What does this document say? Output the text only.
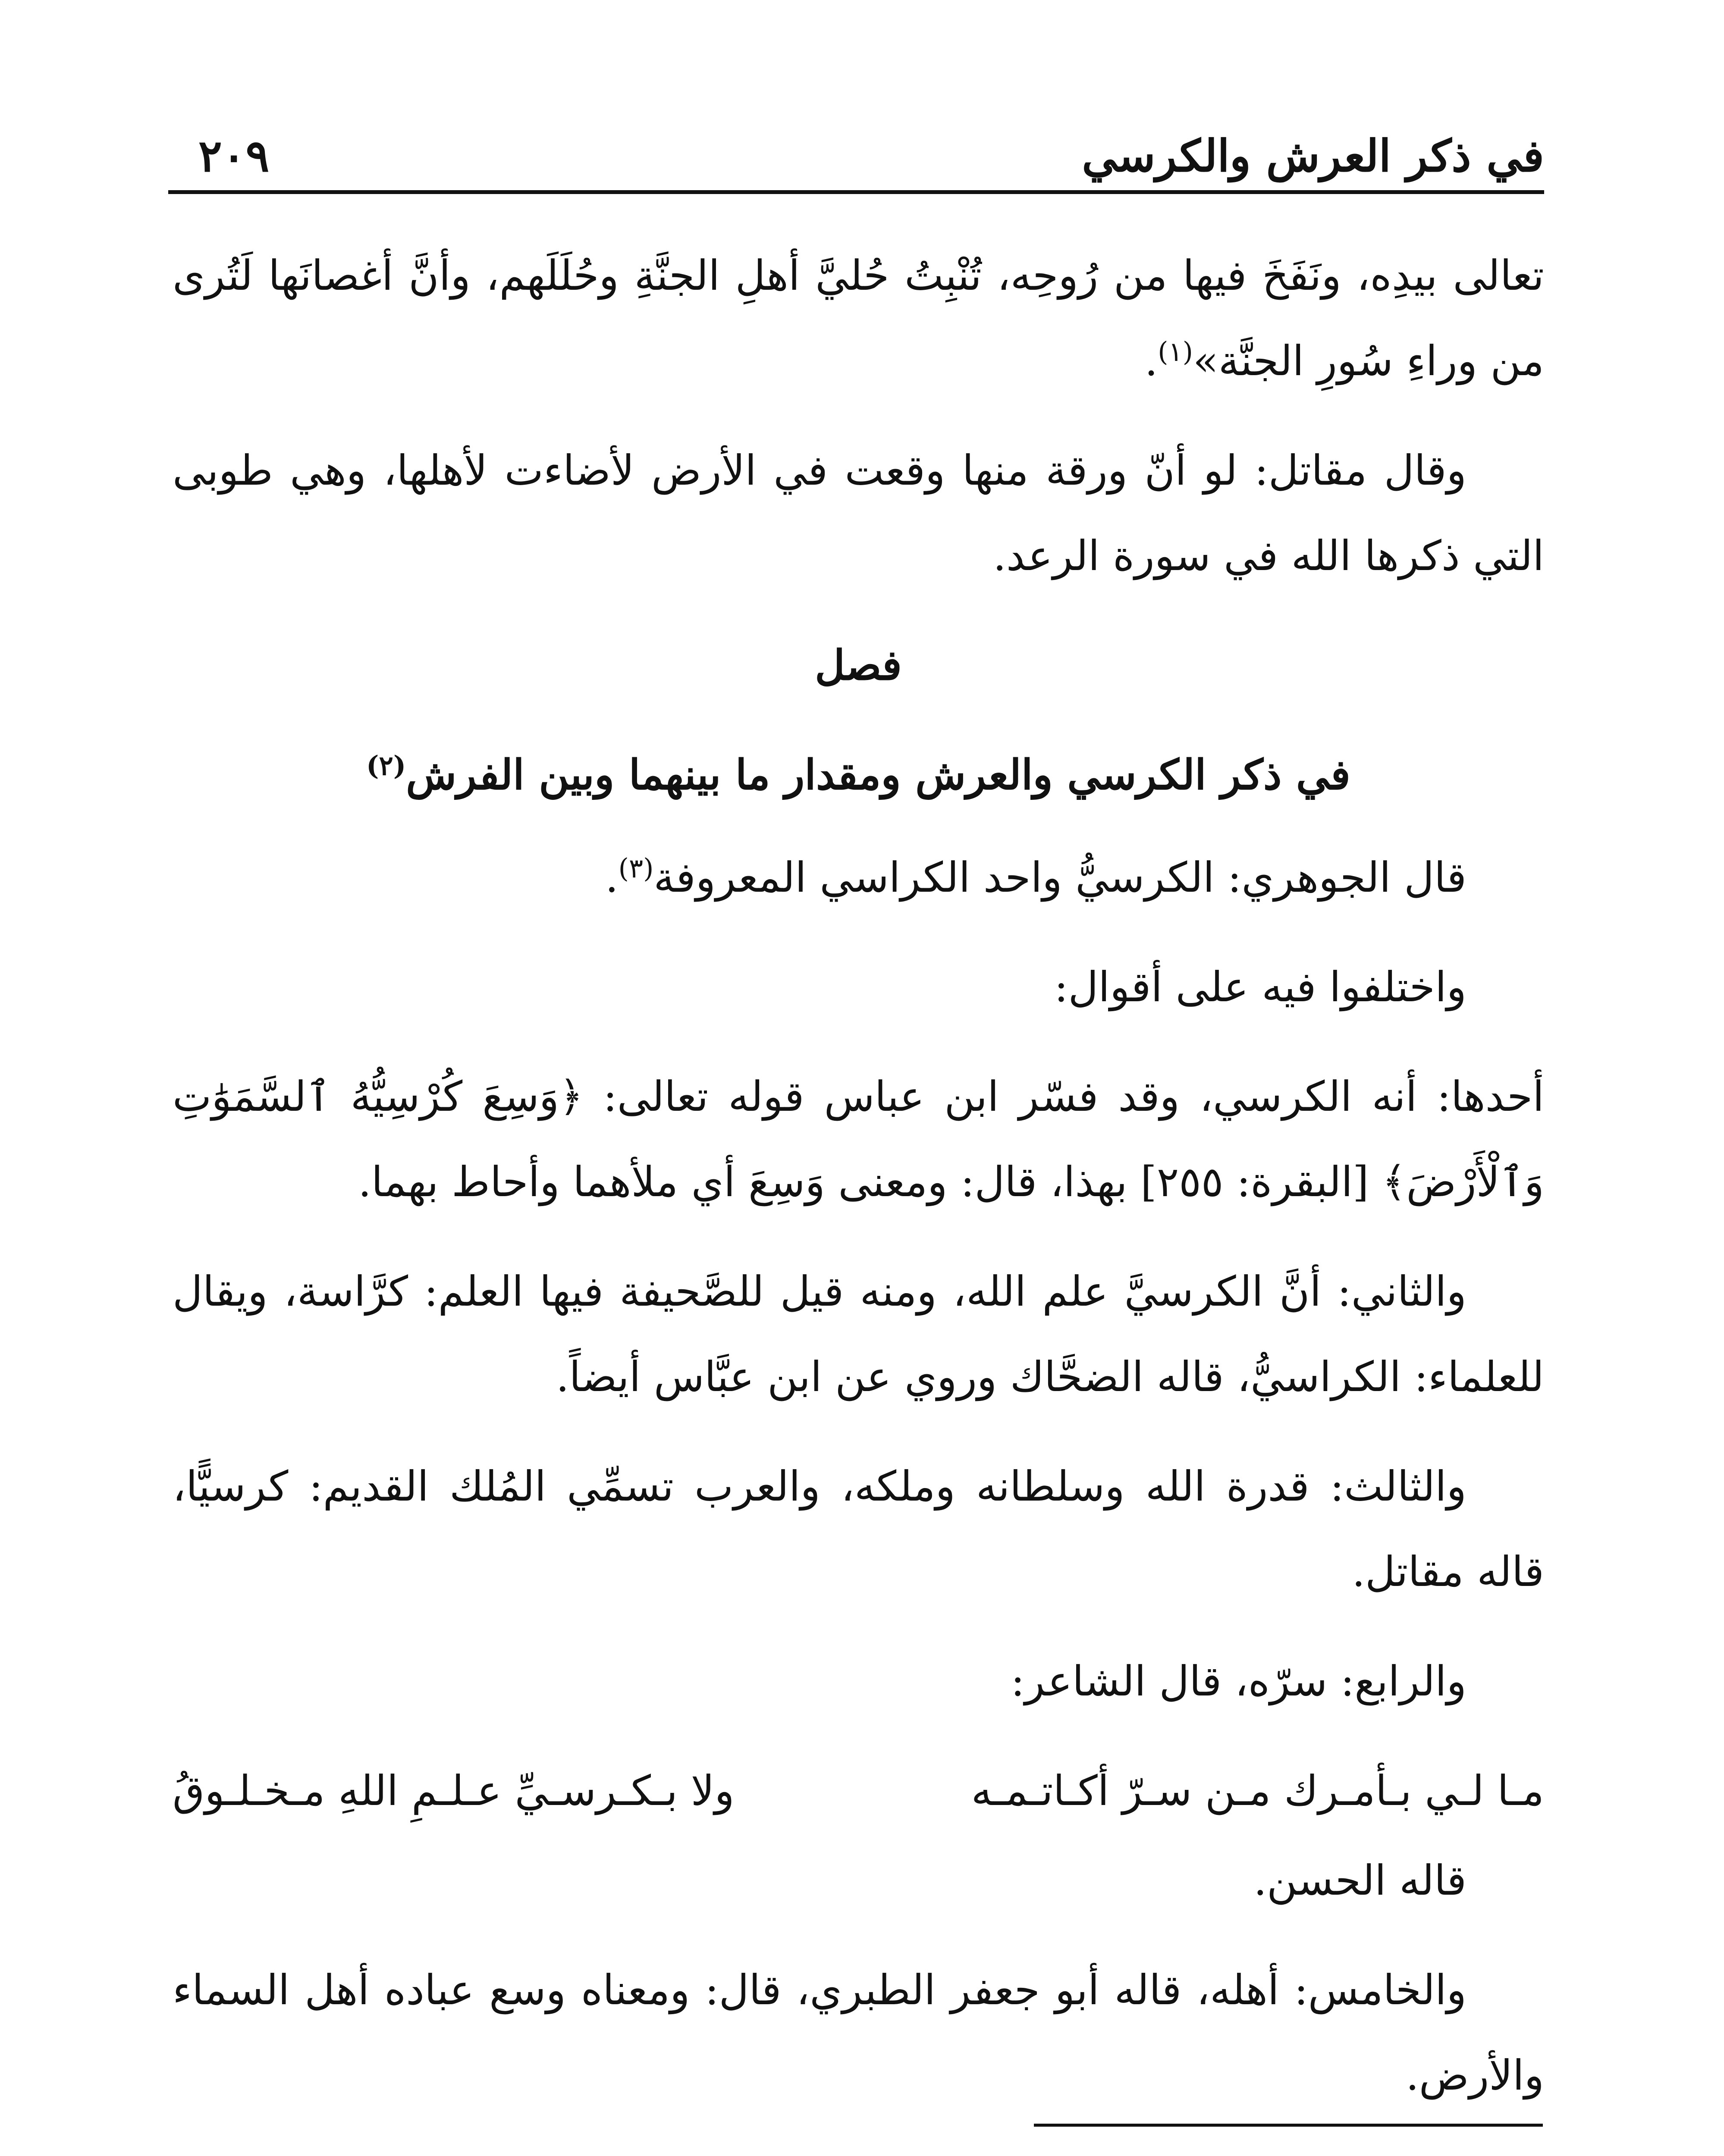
في ذكر العرش والكرسي
٢٠٩

تعالى بيدِه، ونَفَخَ فيها من رُوحِه، تُنْبِتُ حُليَّ أهلِ الجنَّةِ وحُلَلَهم، وأنَّ أغصانَها لَتُرى من وراءِ سُورِ الجنَّة»$^{(١)}$.

وقال مقاتل: لو أنّ ورقة منها وقعت في الأرض لأضاءت لأهلها، وهي طوبى التي ذكرها الله في سورة الرعد.

فصل

في ذكر الكرسي والعرش ومقدار ما بينهما وبين الفرش$^{(٢)}$

قال الجوهري: الكرسيُّ واحد الكراسي المعروفة$^{(٣)}$.

واختلفوا فيه على أقوال:

أحدها: أنه الكرسي، وقد فسّر ابن عباس قوله تعالى: ﴿وَسِعَ كُرْسِيُّهُ ٱلسَّمَوَٰتِ وَٱلْأَرْضَ﴾ [البقرة: ٢٥٥] بهذا، قال: ومعنى وَسِعَ أي ملأهما وأحاط بهما.

والثاني: أنَّ الكرسيَّ علم الله، ومنه قيل للصَّحيفة فيها العلم: كرَّاسة، ويقال للعلماء: الكراسيُّ، قاله الضحَّاك وروي عن ابن عبَّاس أيضاً.

والثالث: قدرة الله وسلطانه وملكه، والعرب تسمِّي المُلك القديم: كرسيًّا، قاله مقاتل.

والرابع: سرّه، قال الشاعر:

مـا لـي بـأمـرك مـن سـرّ أكـاتـمـه
ولا بـكـرسـيِّ عـلـمِ اللهِ مـخـلـوقُ

قاله الحسن.

والخامس: أهله، قاله أبو جعفر الطبري، قال: ومعناه وسع عباده أهل السماء والأرض.
